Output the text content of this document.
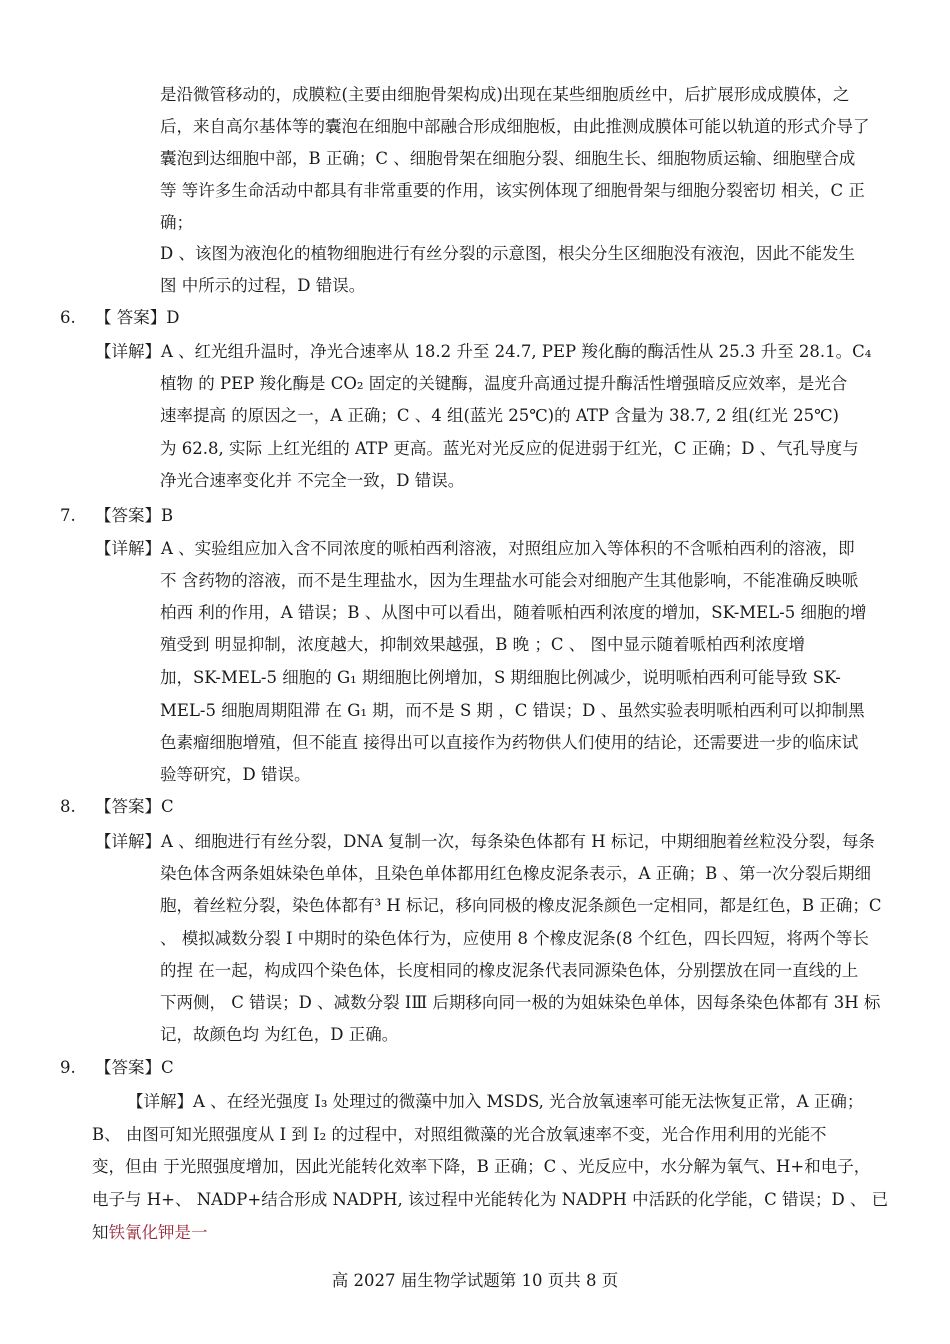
是沿微管移动的，成膜粒(主要由细胞骨架构成)出现在某些细胞质丝中，后扩展形成成膜体，之
后，来自高尔基体等的囊泡在细胞中部融合形成细胞板，由此推测成膜体可能以轨道的形式介导了
囊泡到达细胞中部，B 正确；C 、细胞骨架在细胞分裂、细胞生长、细胞物质运输、细胞壁合成
等 等许多生命活动中都具有非常重要的作用，该实例体现了细胞骨架与细胞分裂密切 相关，C 正
确；
D 、该图为液泡化的植物细胞进行有丝分裂的示意图，根尖分生区细胞没有液泡，因此不能发生
图 中所示的过程，D 错误。
6. 【 答案】D
【详解】A 、红光组升温时，净光合速率从 18.2 升至 24.7, PEP 羧化酶的酶活性从 25.3 升至 28.1。C₄
植物 的 PEP 羧化酶是 CO₂ 固定的关键酶，温度升高通过提升酶活性增强暗反应效率，是光合
速率提高 的原因之一，A 正确；C 、4 组(蓝光 25℃)的 ATP 含量为 38.7, 2 组(红光 25℃)
为 62.8, 实际 上红光组的 ATP 更高。蓝光对光反应的促进弱于红光，C 正确；D 、气孔导度与
净光合速率变化并 不完全一致，D 错误。
7. 【答案】B
【详解】A 、实验组应加入含不同浓度的哌柏西利溶液，对照组应加入等体积的不含哌柏西利的溶液，即
不 含药物的溶液，而不是生理盐水，因为生理盐水可能会对细胞产生其他影响，不能准确反映哌
柏西 利的作用，A 错误；B 、从图中可以看出，随着哌柏西利浓度的增加，SK-MEL-5 细胞的增
殖受到 明显抑制，浓度越大，抑制效果越强，B 晚 ；C 、 图中显示随着哌柏西利浓度增
加，SK-MEL-5 细胞的 G₁ 期细胞比例增加，S 期细胞比例减少，说明哌柏西利可能导致 SK-
MEL-5 细胞周期阻滞 在 G₁ 期，而不是 S 期 ，C 错误；D 、虽然实验表明哌柏西利可以抑制黑
色素瘤细胞增殖，但不能直 接得出可以直接作为药物供人们使用的结论，还需要进一步的临床试
验等研究，D 错误。
8. 【答案】C
【详解】A 、细胞进行有丝分裂，DNA 复制一次，每条染色体都有 H 标记，中期细胞着丝粒没分裂，每条
染色体含两条姐妹染色单体，且染色单体都用红色橡皮泥条表示，A 正确；B 、第一次分裂后期细
胞，着丝粒分裂，染色体都有³ H 标记，移向同极的橡皮泥条颜色一定相同，都是红色，B 正确；C
、 模拟减数分裂 I 中期时的染色体行为，应使用 8 个橡皮泥条(8 个红色，四长四短，将两个等长
的捏 在一起，构成四个染色体，长度相同的橡皮泥条代表同源染色体，分别摆放在同一直线的上
下两侧， C 错误；D 、减数分裂 IⅢ 后期移向同一极的为姐妹染色单体，因每条染色体都有 3H 标
记，故颜色均 为红色，D 正确。
9. 【答案】C
【详解】A 、在经光强度 I₃ 处理过的微藻中加入 MSDS, 光合放氧速率可能无法恢复正常，A 正确；
B、 由图可知光照强度从 I 到 I₂ 的过程中，对照组微藻的光合放氧速率不变，光合作用利用的光能不
变，但由 于光照强度增加，因此光能转化效率下降，B 正确；C 、光反应中，水分解为氧气、H+和电子，
电子与 H+、 NADP+结合形成 NADPH, 该过程中光能转化为 NADPH 中活跃的化学能，C 错误；D 、 已
知铁氰化钾是一
高 2027 届生物学试题第 10 页共 8 页
